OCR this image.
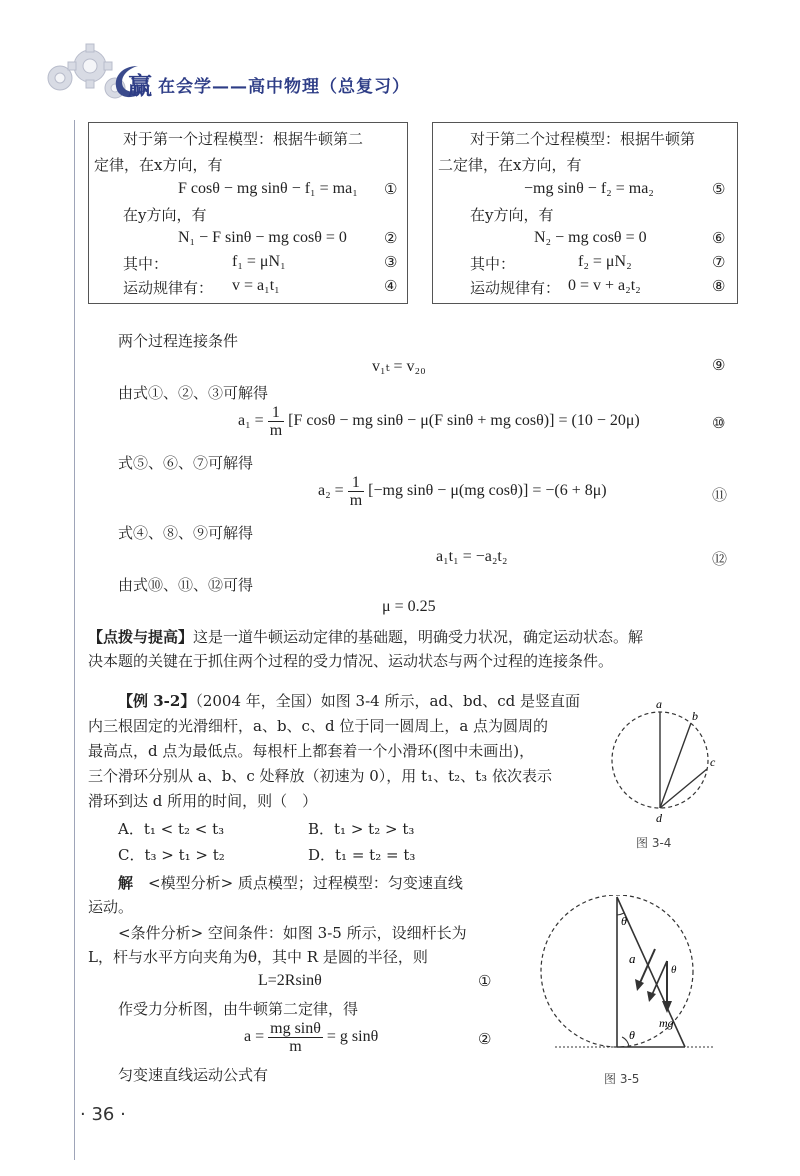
赢 在会学——高中物理（总复习）
对于第一个过程模型：根据牛顿第二
定律，在x方向，有
F cosθ − mg sinθ − f₁ = ma₁ ①
在y方向，有
N₁ − F sinθ − mg cosθ = 0 ②
其中：	f₁ = μN₁	③
运动规律有： v = a₁t₁	④
对于第二个过程模型：根据牛顿第
二定律，在x方向，有
−mg sinθ − f₂ = ma₂	⑤
在y方向，有
N₂ − mg cosθ = 0	⑥
其中：	f₂ = μN₂	⑦
运动规律有： 0 = v + a₂t₂	⑧
两个过程连接条件
v₁ₜ = v₂₀	⑨
由式①、②、③可解得
$a_1 = \frac{1}{m} [F$ cosθ − mg sinθ − μ(F sinθ + mg cosθ)] = (10 − 20μ)	⑩
式⑤、⑥、⑦可解得
$a_2 = \frac{1}{m} [-mg$ sinθ − μ(mg cosθ)] = −(6 + 8μ)	⑪
式④、⑧、⑨可解得
a₁t₁ = −a₂t₂	⑫
由式⑩、⑪、⑫可得
μ = 0.25
【点拨与提高】这是一道牛顿运动定律的基础题，明确受力状况，确定运动状态。解
决本题的关键在于抓住两个过程的受力情况、运动状态与两个过程的连接条件。
【例 3-2】（2004 年，全国）如图 3-4 所示，ad、bd、cd 是竖直面
内三根固定的光滑细杆，a、b、c、d 位于同一圆周上，a 点为圆周的
最高点，d 点为最低点。每根杆上都套着一个小滑环(图中未画出)，
三个滑环分别从 a、b、c 处释放（初速为 0），用 t₁、t₂、t₃ 依次表示
滑环到达 d 所用的时间，则（　）
A．t₁ < t₂ < t₃	B．t₁ > t₂ > t₃
C．t₃ > t₁ > t₂	D．t₁ = t₂ = t₃
a
b
c
d
图 3-4
解  <模型分析> 质点模型；过程模型：匀变速直线
运动。
<条件分析> 空间条件：如图 3-5 所示，设细杆长为
L，杆与水平方向夹角为θ，其中 R 是圆的半径，则
L=2Rsinθ	①
作受力分析图，由牛顿第二定律，得
$a = \frac{\text{mg sinθ}}{m} = g$ sinθ	②
匀变速直线运动公式有
θ
θ
θ
a
mg
图 3-5
· 36 ·
